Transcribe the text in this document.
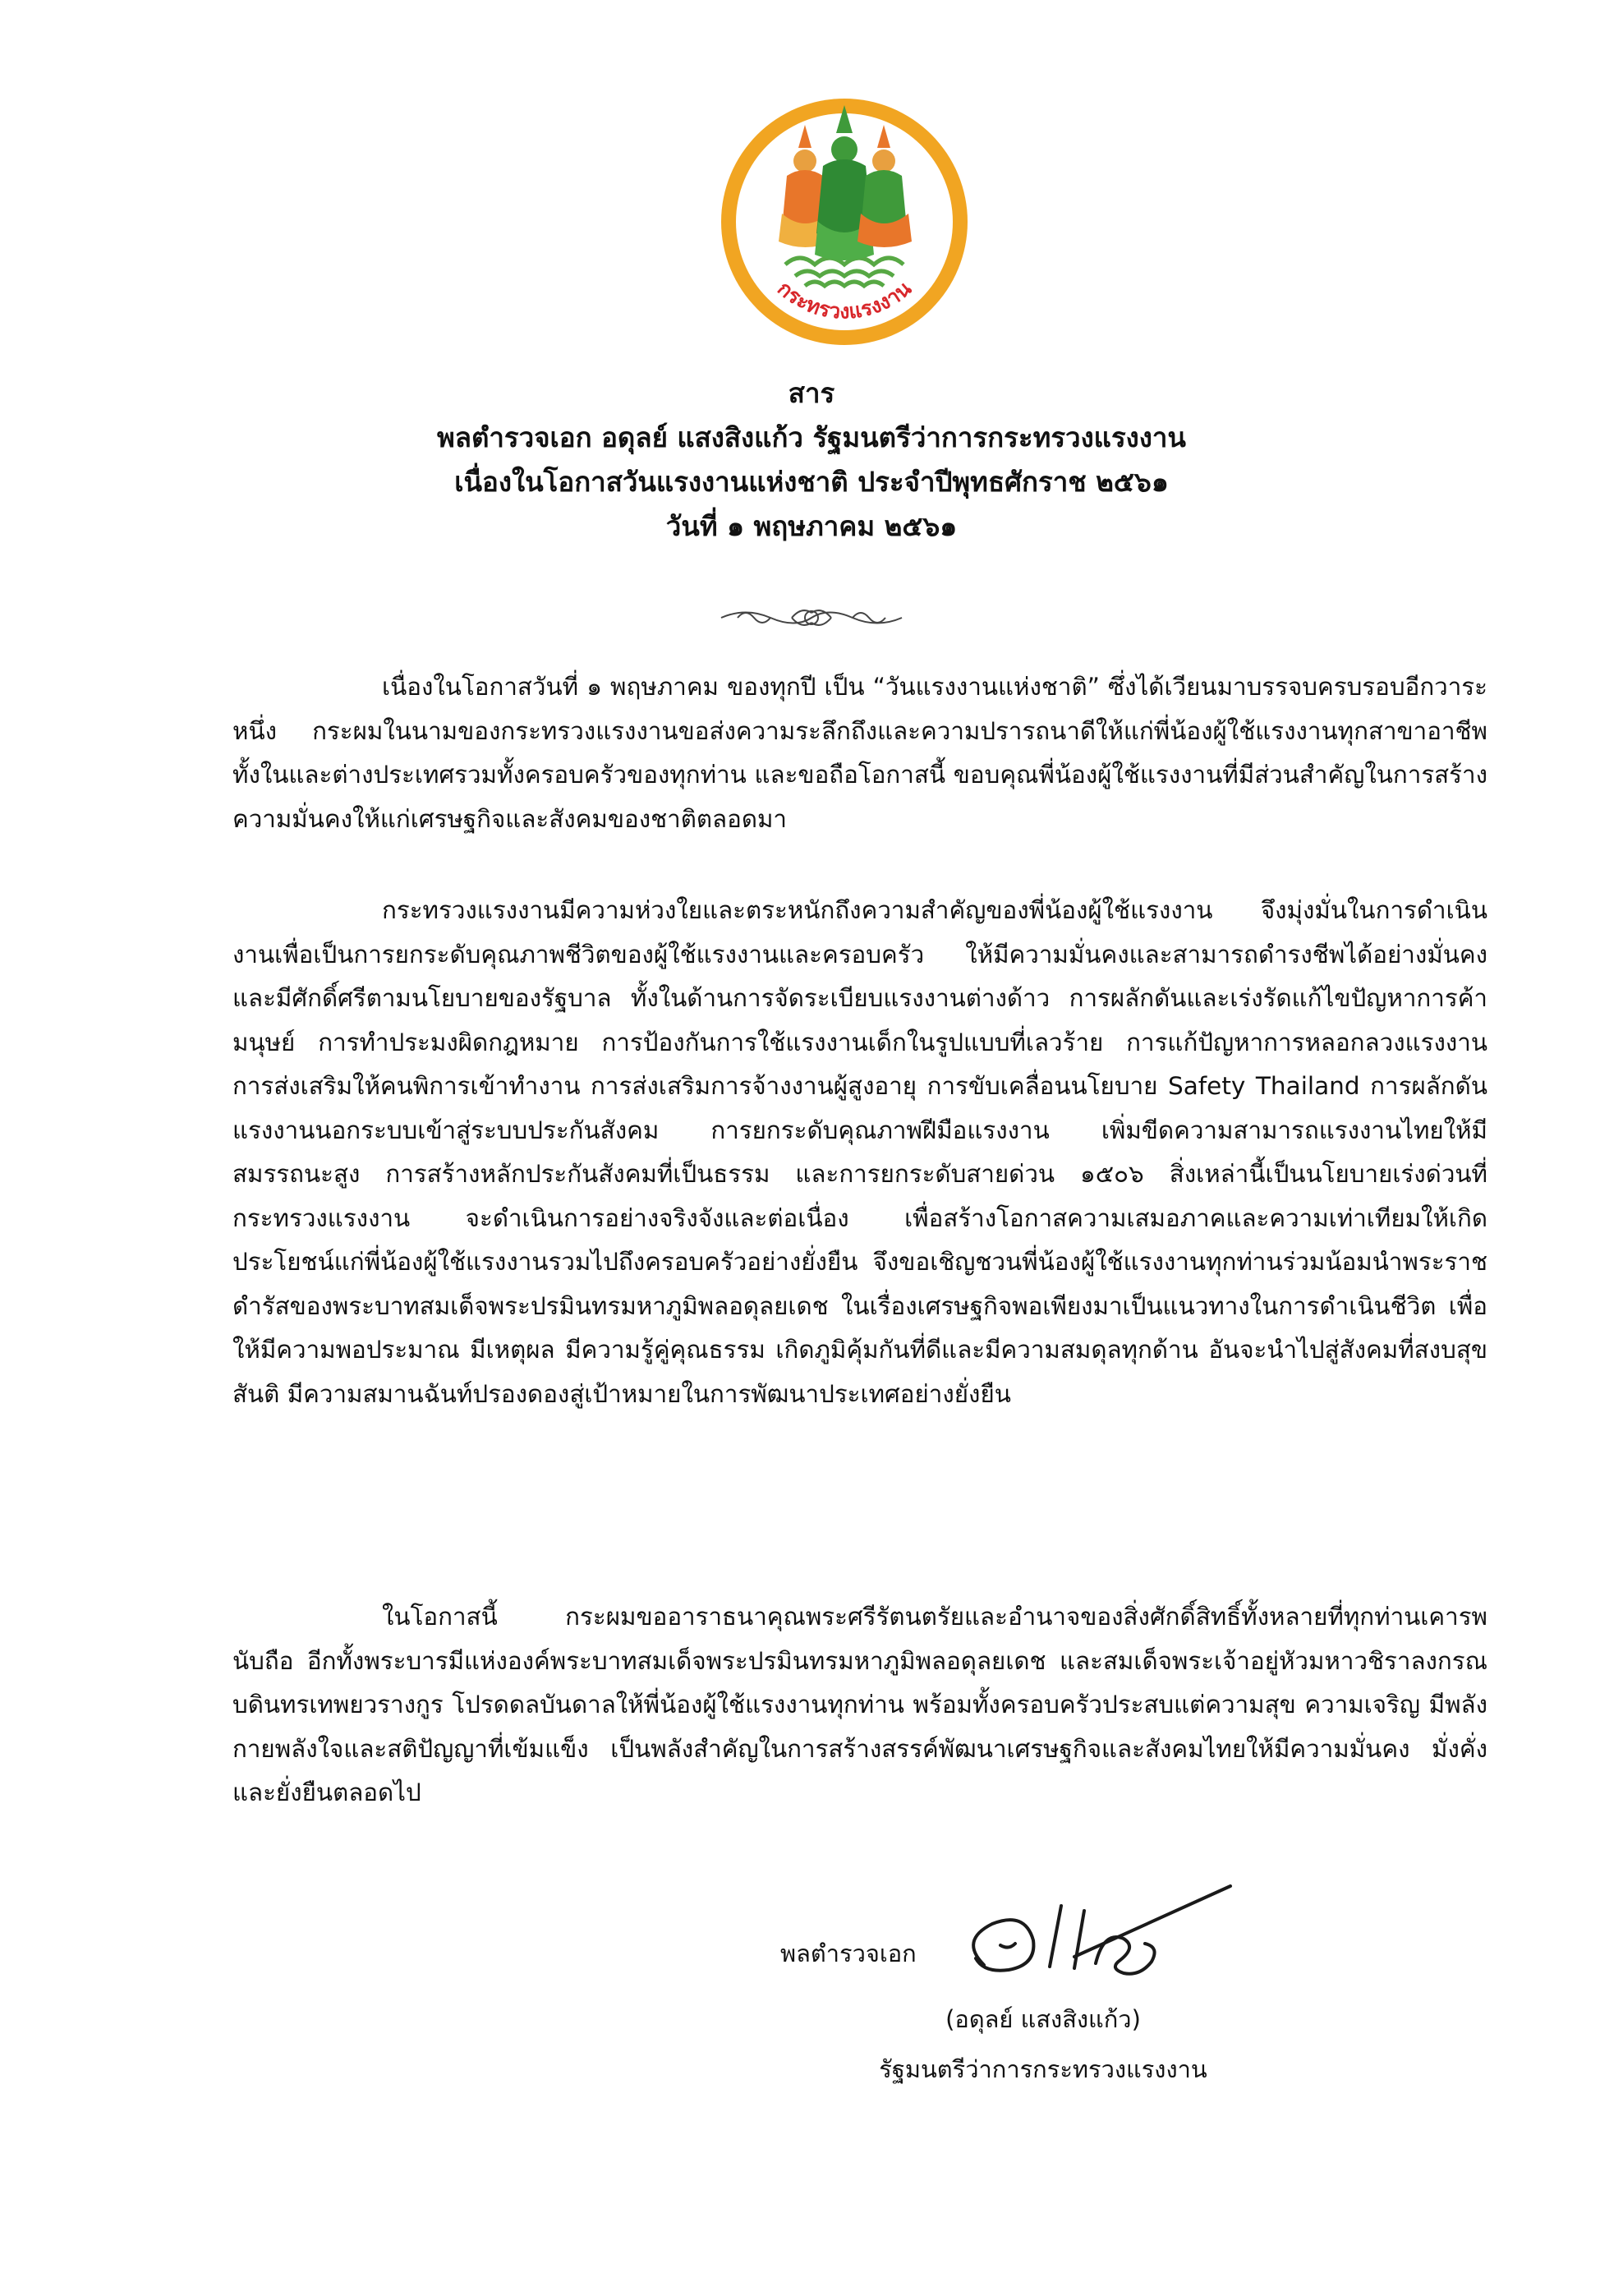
กระทรวงแรงงาน
สาร

พลตำรวจเอก อดุลย์ แสงสิงแก้ว รัฐมนตรีว่าการกระทรวงแรงงาน

เนื่องในโอกาสวันแรงงานแห่งชาติ ประจำปีพุทธศักราช ๒๕๖๑

วันที่ ๑ พฤษภาคม ๒๕๖๑

เนื่องในโอกาสวันที่ ๑ พฤษภาคม ของทุกปี เป็น “วันแรงงานแห่งชาติ” ซึ่งได้เวียนมาบรรจบครบรอบอีกวาระหนึ่ง กระผมในนามของกระทรวงแรงงานขอส่งความระลึกถึงและความปรารถนาดีให้แก่พี่น้องผู้ใช้แรงงานทุกสาขาอาชีพทั้งในและต่างประเทศรวมทั้งครอบครัวของทุกท่าน และขอถือโอกาสนี้ ขอบคุณพี่น้องผู้ใช้แรงงานที่มีส่วนสำคัญในการสร้างความมั่นคงให้แก่เศรษฐกิจและสังคมของชาติตลอดมา

กระทรวงแรงงานมีความห่วงใยและตระหนักถึงความสำคัญของพี่น้องผู้ใช้แรงงาน จึงมุ่งมั่นในการดำเนินงานเพื่อเป็นการยกระดับคุณภาพชีวิตของผู้ใช้แรงงานและครอบครัว ให้มีความมั่นคงและสามารถดำรงชีพได้อย่างมั่นคงและมีศักดิ์ศรีตามนโยบายของรัฐบาล ทั้งในด้านการจัดระเบียบแรงงานต่างด้าว การผลักดันและเร่งรัดแก้ไขปัญหาการค้ามนุษย์ การทำประมงผิดกฎหมาย การป้องกันการใช้แรงงานเด็กในรูปแบบที่เลวร้าย การแก้ปัญหาการหลอกลวงแรงงาน การส่งเสริมให้คนพิการเข้าทำงาน การส่งเสริมการจ้างงานผู้สูงอายุ การขับเคลื่อนนโยบาย Safety Thailand การผลักดันแรงงานนอกระบบเข้าสู่ระบบประกันสังคม การยกระดับคุณภาพฝีมือแรงงาน เพิ่มขีดความสามารถแรงงานไทยให้มีสมรรถนะสูง การสร้างหลักประกันสังคมที่เป็นธรรม และการยกระดับสายด่วน ๑๕๐๖ สิ่งเหล่านี้เป็นนโยบายเร่งด่วนที่กระทรวงแรงงาน จะดำเนินการอย่างจริงจังและต่อเนื่อง เพื่อสร้างโอกาสความเสมอภาคและความเท่าเทียมให้เกิดประโยชน์แก่พี่น้องผู้ใช้แรงงานรวมไปถึงครอบครัวอย่างยั่งยืน จึงขอเชิญชวนพี่น้องผู้ใช้แรงงานทุกท่านร่วมน้อมนำพระราชดำรัสของพระบาทสมเด็จพระปรมินทรมหาภูมิพลอดุลยเดช ในเรื่องเศรษฐกิจพอเพียงมาเป็นแนวทางในการดำเนินชีวิต เพื่อให้มีความพอประมาณ มีเหตุผล มีความรู้คู่คุณธรรม เกิดภูมิคุ้มกันที่ดีและมีความสมดุลทุกด้าน อันจะนำไปสู่สังคมที่สงบสุข สันติ มีความสมานฉันท์ปรองดองสู่เป้าหมายในการพัฒนาประเทศอย่างยั่งยืน

ในโอกาสนี้ กระผมขออาราธนาคุณพระศรีรัตนตรัยและอำนาจของสิ่งศักดิ์สิทธิ์ทั้งหลายที่ทุกท่านเคารพนับถือ อีกทั้งพระบารมีแห่งองค์พระบาทสมเด็จพระปรมินทรมหาภูมิพลอดุลยเดช และสมเด็จพระเจ้าอยู่หัวมหาวชิราลงกรณ บดินทรเทพยวรางกูร โปรดดลบันดาลให้พี่น้องผู้ใช้แรงงานทุกท่าน พร้อมทั้งครอบครัวประสบแต่ความสุข ความเจริญ มีพลังกายพลังใจและสติปัญญาที่เข้มแข็ง เป็นพลังสำคัญในการสร้างสรรค์พัฒนาเศรษฐกิจและสังคมไทยให้มีความมั่นคง มั่งคั่ง และยั่งยืนตลอดไป

พลตำรวจเอก
(อดุลย์ แสงสิงแก้ว)
รัฐมนตรีว่าการกระทรวงแรงงาน
